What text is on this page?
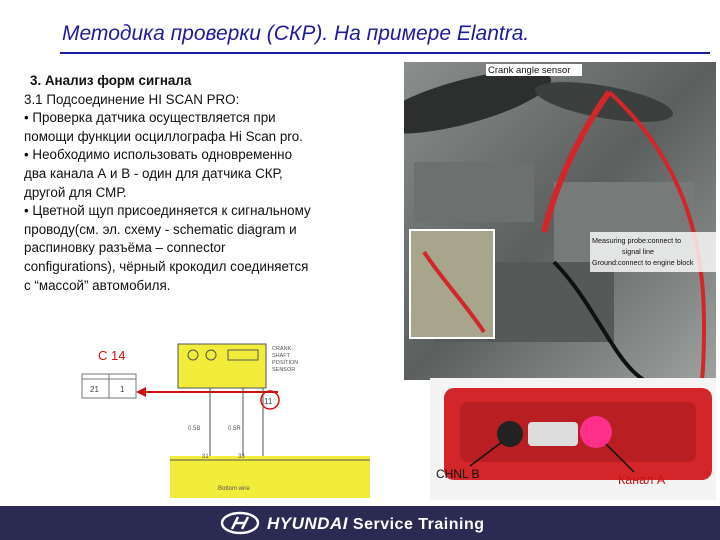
Методика проверки (СКР). На примере Elantra.

3. Анализ форм сигнала

3.1 Подсоединение HI SCAN PRO:

• Проверка датчика осуществляется при

помощи функции осциллографа Hi Scan pro.

• Необходимо использовать одновременно

два канала А и В - один для датчика СКР,

другой для СМР.

• Цветной щуп присоединяется к сигнальному

проводу(см. эл. схему - schematic diagram и

распиновку разъёма – connector

configurations), чёрный крокодил соединяется

с “массой” автомобиля.

C 14
21	1
CRANK- SHAFT POSITION SENSOR
0.5B	0.5R
11
31	33
Bottom wire
Crank angle sensor
Measuring probe:connect to
signal line
Ground:connect to engine block
CHNL B	Канал А
HYUNDAI Service Training
